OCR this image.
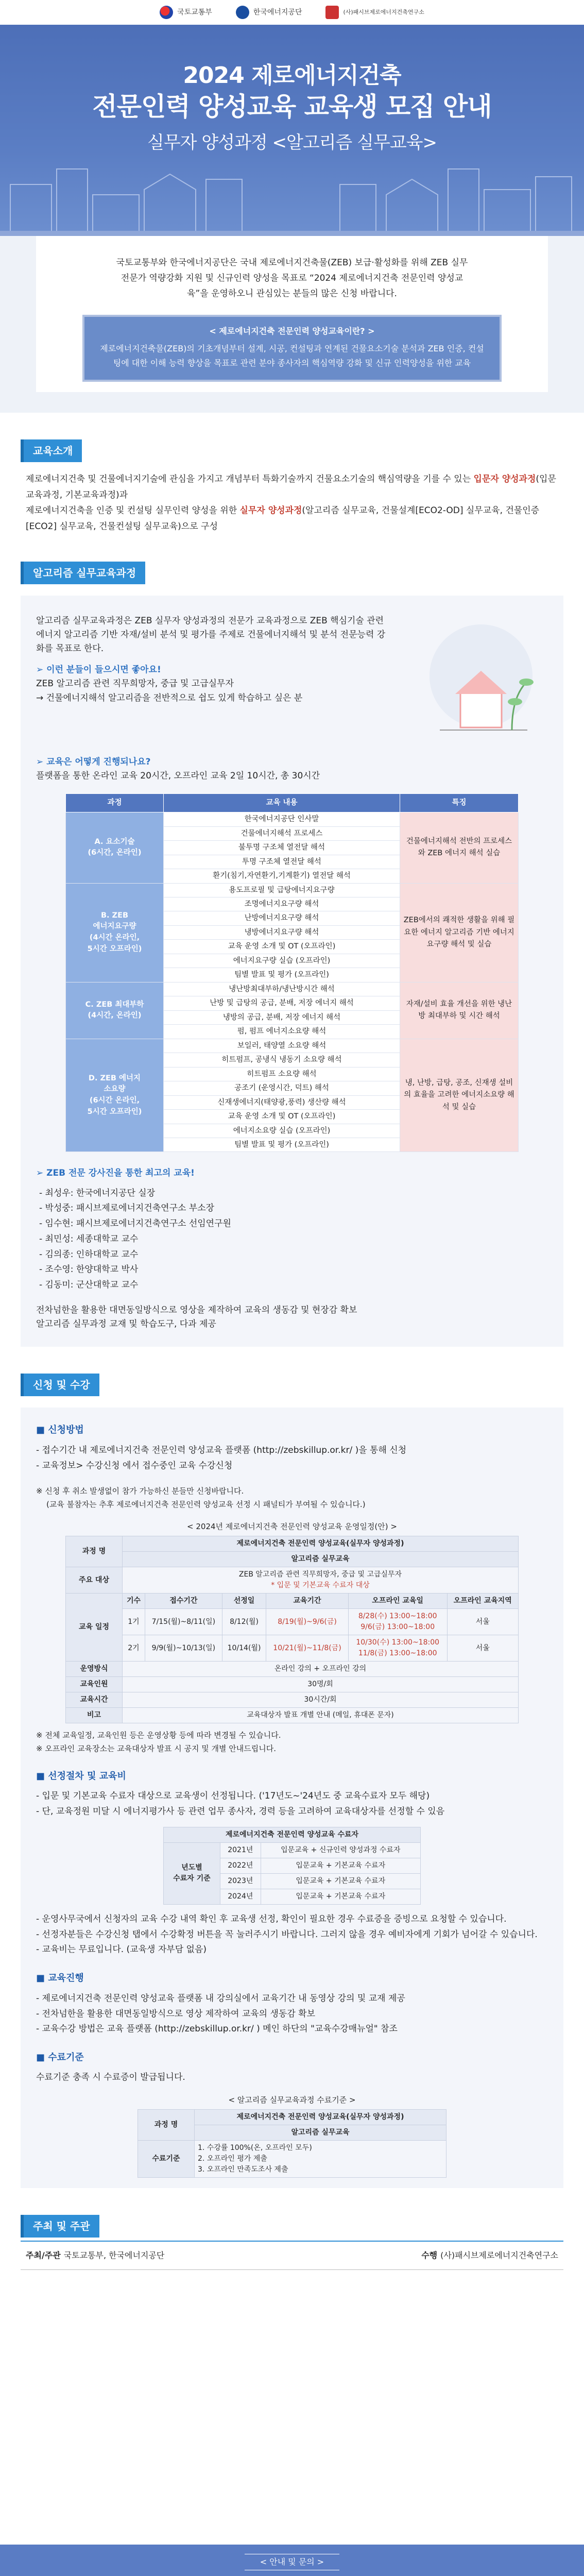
국토교통부	한국에너지공단	(사)패시브제로에너지건축연구소
2024 제로에너지건축
전문인력 양성교육 교육생 모집 안내
실무자 양성과정 <알고리즘 실무교육>

국토교통부와 한국에너지공단은 국내 제로에너지건축물(ZEB) 보급·활성화를 위해 ZEB 실무전문가 역량강화 지원 및 신규인력 양성을 목표로 “2024 제로에너지건축 전문인력 양성교육”을 운영하오니 관심있는 분들의 많은 신청 바랍니다.

< 제로에너지건축 전문인력 양성교육이란? >
제로에너지건축물(ZEB)의 기초개념부터 설계, 시공, 컨설팅과 연계된 건물요소기술 분석과 ZEB 인증, 컨설팅에 대한 이해 능력 향상을 목표로 관련 분야 종사자의 핵심역량 강화 및 신규 인력양성을 위한 교육
교육소개

제로에너지건축 및 건물에너지기술에 관심을 가지고 개념부터 특화기술까지 건물요소기술의 핵심역량을 기를 수 있는 입문자 양성과정(입문교육과정, 기본교육과정)과

제로에너지건축을 인증 및 컨설팅 실무인력 양성을 위한 실무자 양성과정(알고리즘 실무교육, 건물설계[ECO2-OD] 실무교육, 건물인증[ECO2] 실무교육, 건물컨설팅 실무교육)으로 구성

알고리즘 실무교육과정

알고리즘 실무교육과정은 ZEB 실무자 양성과정의 전문가 교육과정으로 ZEB 핵심기술 관련 에너지 알고리즘 기반 자재/설비 분석 및 평가를 주제로 건물에너지해석 및 분석 전문능력 강화를 목표로 한다.

➢ 이런 분들이 들으시면 좋아요!

ZEB 알고리즘 관련 직무희망자, 중급 및 고급실무자

→ 건물에너지해석 알고리즘을 전반적으로 쉽도 있게 학습하고 싶은 분

➢ 교육은 어떻게 진행되나요?

플랫폼을 통한 온라인 교육 20시간, 오프라인 교육 2일 10시간, 총 30시간

과정	교육 내용	특징
A. 요소기술
(6시간, 온라인)	한국에너지공단 인사말	건물에너지해석 전반의 프로세스와 ZEB 에너지 해석 실습
	건물에너지해석 프로세스	
	불투명 구조체 열전달 해석	
	투명 구조체 열전달 해석	
	환기(침기,자연환기,기계환기) 열전달 해석	
B. ZEB
에너지요구량
(4시간 온라인,
5시간 오프라인)	용도프로필 및 급탕에너지요구량	ZEB에서의 쾌적한 생활을 위해 필요한 에너지 알고리즘 기반 에너지요구량 해석 및 실습
	조명에너지요구량 해석	
	난방에너지요구량 해석	
	냉방에너지요구량 해석	
	교육 운영 소개 및 OT (오프라인)	
	에너지요구량 실습 (오프라인)	
	팀별 발표 및 평가 (오프라인)	
C. ZEB 최대부하
(4시간, 온라인)	냉난방최대부하/냉난방시간 해석	자재/설비 효율 개선을 위한 냉난방 최대부하 및 시간 해석
	난방 및 급탕의 공급, 분배, 저장 에너지 해석	
	냉방의 공급, 분배, 저장 에너지 해석	
	펌, 펌프 에너지소요량 해석	
D. ZEB 에너지
소요량
(6시간 온라인,
5시간 오프라인)	보일러, 태양열 소요량 해석	냉, 난방, 급탕, 공조, 신재생 설비의 효율을 고려한 에너지소요량 해석 및 실습
	히트펌프, 공냉식 냉동기 소요량 해석	
	히트펌프 소요량 해석	
	공조기 (운영시간, 덕트) 해석	
	신재생에너지(태양광,풍력) 생산량 해석	
	교육 운영 소개 및 OT (오프라인)	
	에너지소요량 실습 (오프라인)	
	팀별 발표 및 평가 (오프라인)	

➢ ZEB 전문 강사진을 통한 최고의 교육!

- 최성우: 한국에너지공단 실장
- 박성중: 패시브제로에너지건축연구소 부소장
- 임수현: 패시브제로에너지건축연구소 선임연구원
- 최민성: 세종대학교 교수
- 김의종: 인하대학교 교수
- 조수영: 한양대학교 박사
- 김동미: 군산대학교 교수

전차넘한을 활용한 대면동일방식으로 영상을 제작하여 교육의 생동감 및 현장감 확보

알고리즘 실무과정 교재 및 학습도구, 다과 제공

신청 및 수강
■ 신청방법
- 접수기간 내 제로에너지건축 전문인력 양성교육 플랫폼 (http://zebskillup.or.kr/ )을 통해 신청
- 교육정보> 수강신청 에서 접수중인 교육 수강신청

※ 신청 후 취소 발생없이 참가 가능하신 분들만 신청바랍니다.

(교육 불참자는 추후 제로에너지건축 전문인력 양성교육 선정 시 패널티가 부여될 수 있습니다.)

< 2024년 제로에너지건축 전문인력 양성교육 운영일정(안) >

과정 명	제로에너지건축 전문인력 양성교육(실무자 양성과정)					
	알고리즘 실무교육					
주요 대상	ZEB 알고리즘 관련 직무희망자, 중급 및 고급실무자
* 입문 및 기본교육 수료자 대상					
교육 일정	기수	접수기간	선정일	교육기간	오프라인 교육일	오프라인 교육지역
	1기	7/15(월)~8/11(일)	8/12(월)	8/19(월)~9/6(금)	8/28(수) 13:00~18:00
9/6(금) 13:00~18:00	서울
	2기	9/9(월)~10/13(일)	10/14(월)	10/21(월)~11/8(금)	10/30(수) 13:00~18:00
11/8(금) 13:00~18:00	서울
운영방식	온라인 강의 + 오프라인 강의					
교육인원	30명/회					
교육시간	30시간/회					
비고	교육대상자 발표 개별 안내 (메일, 휴대폰 문자)					

※ 전체 교육일정, 교육인원 등은 운영상황 등에 따라 변경될 수 있습니다.

※ 오프라인 교육장소는 교육대상자 발표 시 공지 및 개별 안내드립니다.

■ 선정절차 및 교육비
- 입문 및 기본교육 수료자 대상으로 교육생이 선정됩니다. ('17년도~'24년도 중 교육수료자 모두 해당)
- 단, 교육정원 미달 시 에너지평가사 등 관련 업무 종사자, 경력 등을 고려하여 교육대상자를 선정할 수 있음
제로에너지건축 전문인력 양성교육 수료자		
년도별
수료자 기준	2021년	입문교육 + 신규인력 양성과정 수료자
	2022년	입문교육 + 기본교육 수료자
	2023년	입문교육 + 기본교육 수료자
	2024년	입문교육 + 기본교육 수료자
- 운영사무국에서 신청자의 교육 수강 내역 확인 후 교육생 선정, 확인이 필요한 경우 수료증을 증빙으로 요청할 수 있습니다.
- 선정자분들은 수강신청 탭에서 수강확정 버튼을 꼭 눌러주시기 바랍니다. 그러지 않을 경우 예비자에게 기회가 넘어갈 수 있습니다.
- 교육비는 무료입니다. (교육생 자부담 없음)
■ 교육진행
- 제로에너지건축 전문인력 양성교육 플랫폼 내 강의실에서 교육기간 내 동영상 강의 및 교재 제공
- 전차넘한을 활용한 대면동일방식으로 영상 제작하여 교육의 생동감 확보
- 교육수강 방법은 교육 플랫폼 (http://zebskillup.or.kr/ ) 메인 하단의 "교육수강매뉴얼" 참조
■ 수료기준

수료기준 충족 시 수료증이 발급됩니다.

< 알고리즘 실무교육과정 수료기준 >

과정 명	제로에너지건축 전문인력 양성교육(실무자 양성과정)
	알고리즘 실무교육
수료기준	1. 수강률 100%(온, 오프라인 모두)
2. 오프라인 평가 제출
3. 오프라인 만족도조사 제출
주최 및 주관
주최/주관 국토교통부, 한국에너지공단	수행 (사)패시브제로에너지건축연구소
< 안내 및 문의 >
